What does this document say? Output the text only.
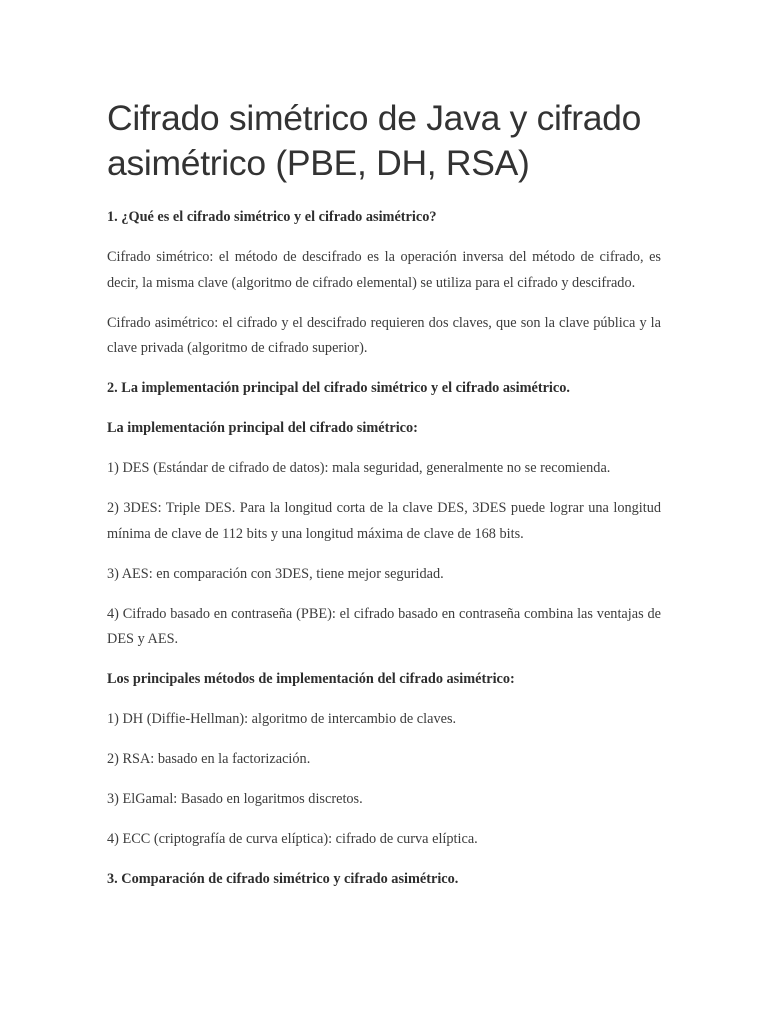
Cifrado simétrico de Java y cifrado asimétrico (PBE, DH, RSA)

1. ¿Qué es el cifrado simétrico y el cifrado asimétrico?

Cifrado simétrico: el método de descifrado es la operación inversa del método de cifrado, es decir, la misma clave (algoritmo de cifrado elemental) se utiliza para el cifrado y descifrado.

Cifrado asimétrico: el cifrado y el descifrado requieren dos claves, que son la clave pública y la clave privada (algoritmo de cifrado superior).

2. La implementación principal del cifrado simétrico y el cifrado asimétrico.

La implementación principal del cifrado simétrico:

1) DES (Estándar de cifrado de datos): mala seguridad, generalmente no se recomienda.

2) 3DES: Triple DES. Para la longitud corta de la clave DES, 3DES puede lograr una longitud mínima de clave de 112 bits y una longitud máxima de clave de 168 bits.

3) AES: en comparación con 3DES, tiene mejor seguridad.

4) Cifrado basado en contraseña (PBE): el cifrado basado en contraseña combina las ventajas de DES y AES.

Los principales métodos de implementación del cifrado asimétrico:

1) DH (Diffie-Hellman): algoritmo de intercambio de claves.

2) RSA: basado en la factorización.

3) ElGamal: Basado en logaritmos discretos.

4) ECC (criptografía de curva elíptica): cifrado de curva elíptica.

3. Comparación de cifrado simétrico y cifrado asimétrico.
